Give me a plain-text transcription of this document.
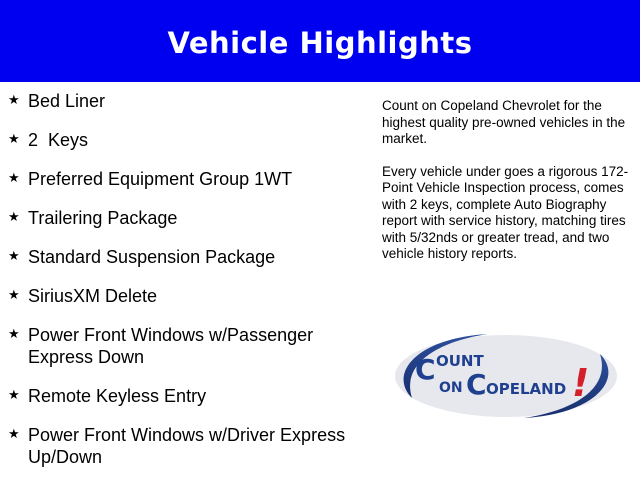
Vehicle Highlights
★ Bed Liner
★ 2  Keys
★ Preferred Equipment Group 1WT
★ Trailering Package
★ Standard Suspension Package
★ SiriusXM Delete
★ Power Front Windows w/Passenger Express Down
★ Remote Keyless Entry
★ Power Front Windows w/Driver Express Up/Down

Count on Copeland Chevrolet for the highest quality pre-owned vehicles in the market.

Every vehicle under goes a rigorous 172-Point Vehicle Inspection process, comes with 2 keys, complete Auto Biography report with service history, matching tires with 5/32nds or greater tread, and two vehicle history reports.

C OUNT
ON C OPELAND !
